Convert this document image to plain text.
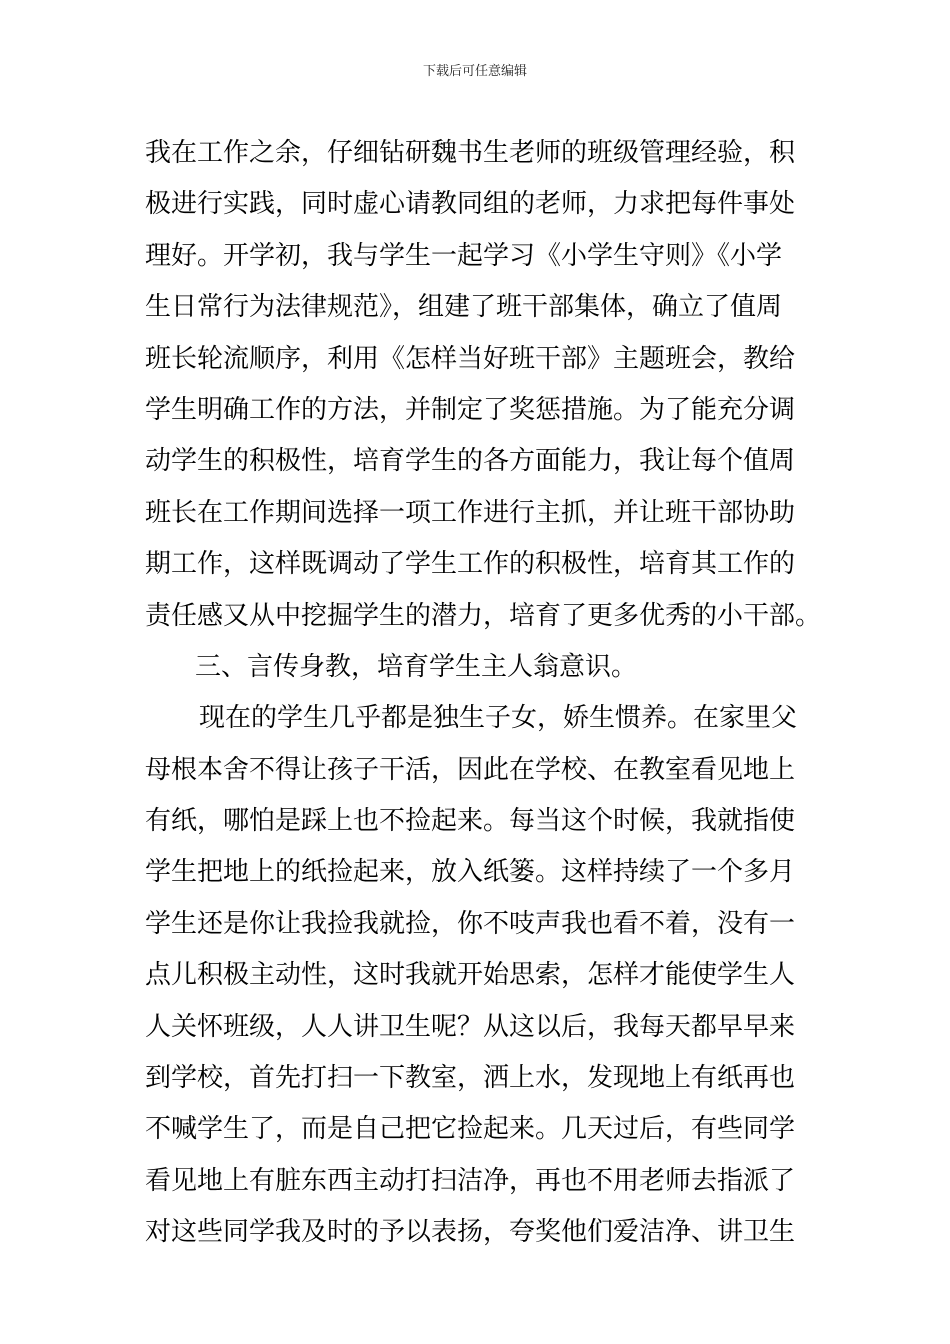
下载后可任意编辑
我在工作之余，仔细钻研魏书生老师的班级管理经验，积
极进行实践，同时虚心请教同组的老师，力求把每件事处
理好。开学初，我与学生一起学习《小学生守则》《小学
生日常行为法律规范》，组建了班干部集体，确立了值周
班长轮流顺序，利用《怎样当好班干部》主题班会，教给
学生明确工作的方法，并制定了奖惩措施。为了能充分调
动学生的积极性，培育学生的各方面能力，我让每个值周
班长在工作期间选择一项工作进行主抓，并让班干部协助
期工作，这样既调动了学生工作的积极性，培育其工作的
责任感又从中挖掘学生的潜力，培育了更多优秀的小干部。
三、言传身教，培育学生主人翁意识。
现在的学生几乎都是独生子女，娇生惯养。在家里父
母根本舍不得让孩子干活，因此在学校、在教室看见地上
有纸，哪怕是踩上也不捡起来。每当这个时候，我就指使
学生把地上的纸捡起来，放入纸篓。这样持续了一个多月
学生还是你让我捡我就捡，你不吱声我也看不着，没有一
点儿积极主动性，这时我就开始思索，怎样才能使学生人
人关怀班级，人人讲卫生呢？从这以后，我每天都早早来
到学校，首先打扫一下教室，洒上水，发现地上有纸再也
不喊学生了，而是自己把它捡起来。几天过后，有些同学
看见地上有脏东西主动打扫洁净，再也不用老师去指派了
对这些同学我及时的予以表扬，夸奖他们爱洁净、讲卫生
